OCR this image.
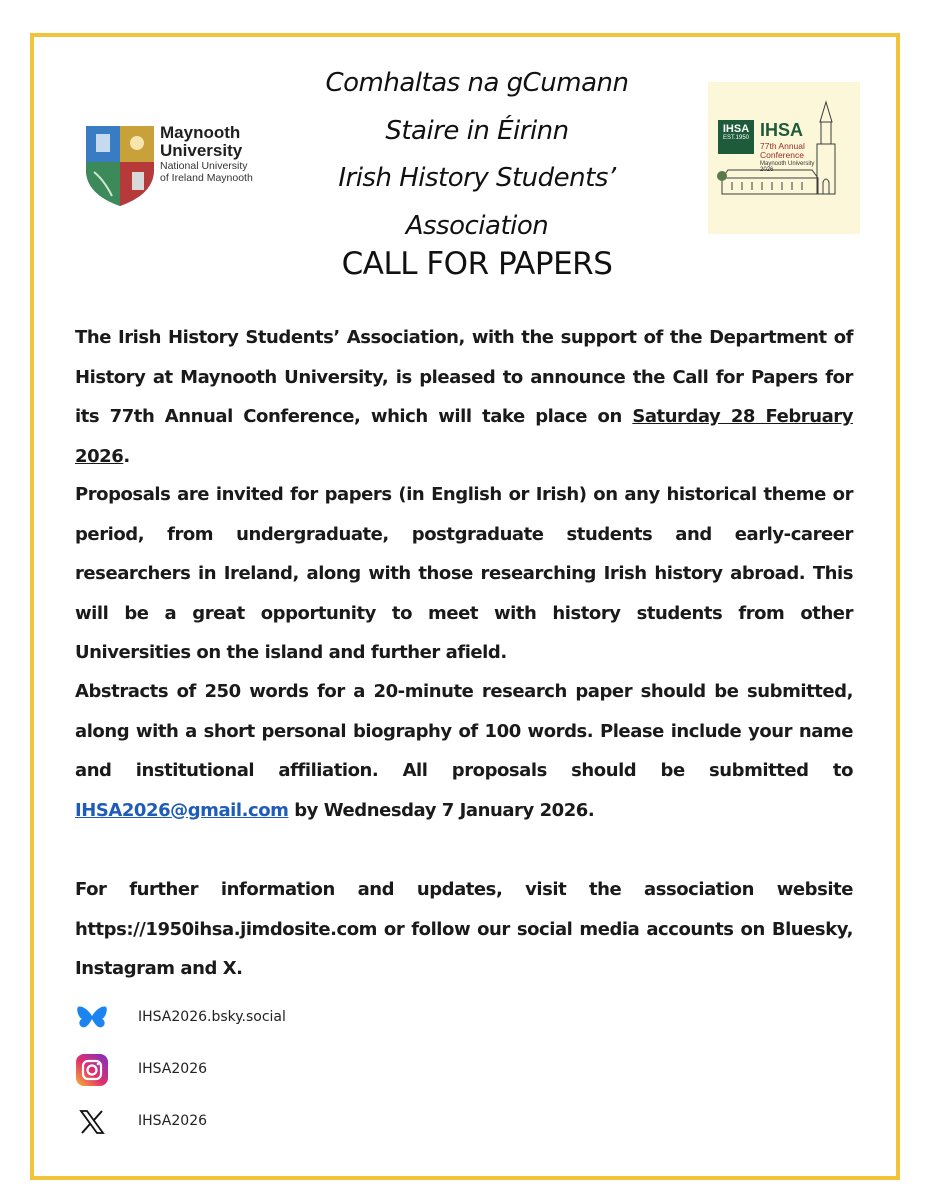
Maynooth University
National University
of Ireland Maynooth
Comhaltas na gCumann
Staire in Éirinn
Irish History Students’
Association
CALL FOR PAPERS
IHSA
EST.1950 IHSA
77th Annual
Conference
Maynooth University
2026
The Irish History Students’ Association, with the support of the Department of History at Maynooth University, is pleased to announce the Call for Papers for its 77th Annual Conference, which will take place on Saturday 28 February 2026.
Proposals are invited for papers (in English or Irish) on any historical theme or period, from undergraduate, postgraduate students and early-career researchers in Ireland, along with those researching Irish history abroad. This will be a great opportunity to meet with history students from other Universities on the island and further afield.
Abstracts of 250 words for a 20-minute research paper should be submitted, along with a short personal biography of 100 words. Please include your name and institutional affiliation. All proposals should be submitted to IHSA2026@gmail.com by Wednesday 7 January 2026.
For further information and updates, visit the association website https://1950ihsa.jimdosite.com or follow our social media accounts on Bluesky, Instagram and X.
IHSA2026.bsky.social
IHSA2026
IHSA2026
